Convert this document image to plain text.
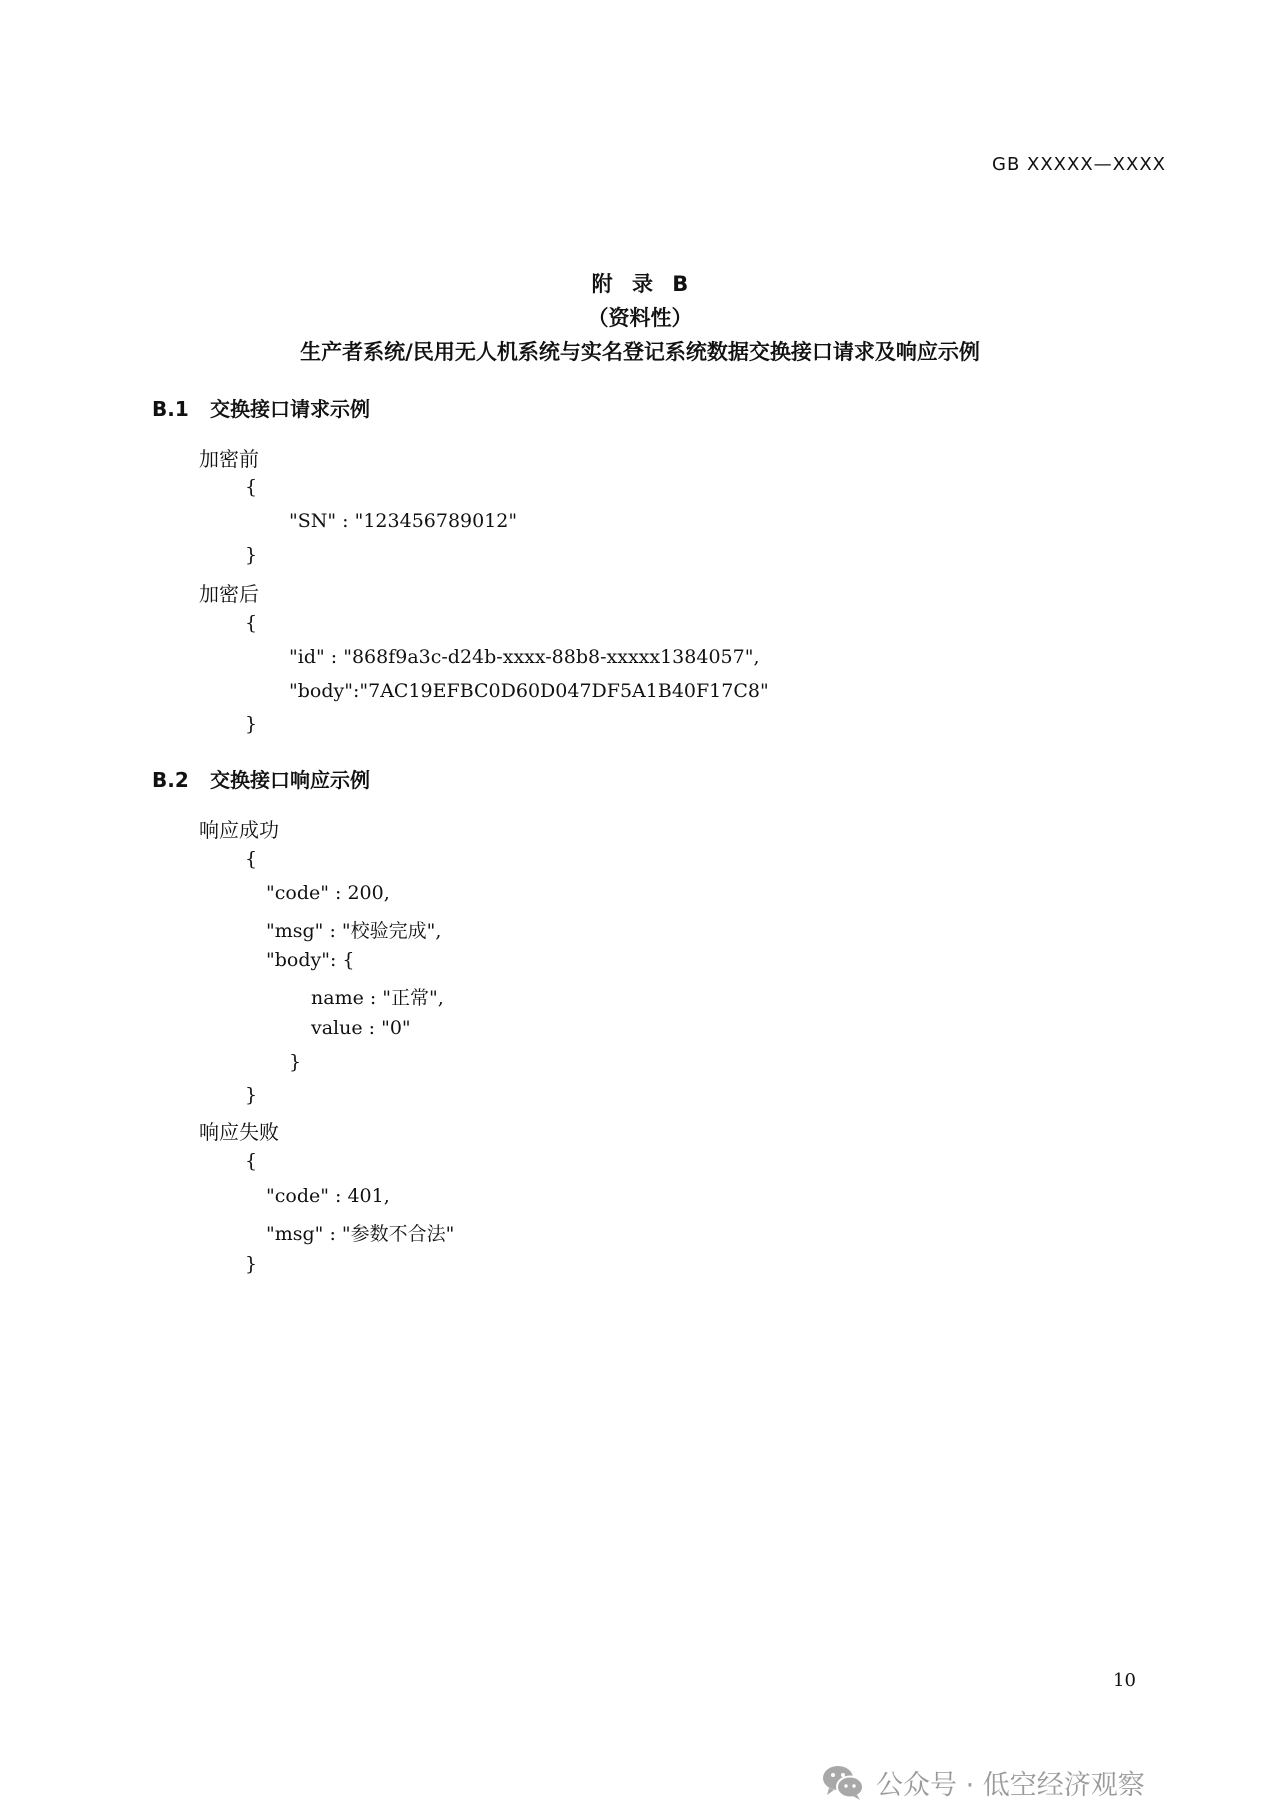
GB XXXXX—XXXX
附 录 B
（资料性）
生产者系统/民用无人机系统与实名登记系统数据交换接口请求及响应示例
B.1 交换接口请求示例
加密前
{
"SN" : "123456789012"
}
加密后
{
"id" : "868f9a3c-d24b-xxxx-88b8-xxxxx1384057",
"body":"7AC19EFBC0D60D047DF5A1B40F17C8"
}
B.2 交换接口响应示例
响应成功
{
"code" : 200,
"msg" : "校验完成",
"body": {
name : "正常",
value : "0"
}
}
响应失败
{
"code" : 401,
"msg" : "参数不合法"
}
10
公众号 · 低空经济观察
